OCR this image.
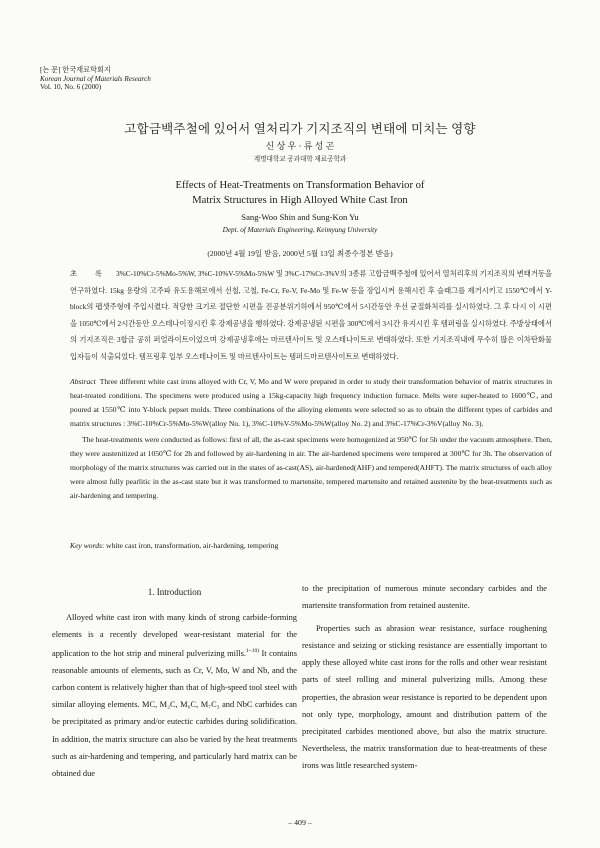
[논 문] 한국재료학회지
Korean Journal of Materials Research
Vol. 10, No. 6 (2000)
고합금백주철에 있어서 열처리가 기지조직의 변태에 미치는 영향
신 상 우 · 류 성 곤
계명대학교 공과대학 재료공학과
Effects of Heat-Treatments on Transformation Behavior of
Matrix Structures in High Alloyed White Cast Iron
Sang-Woo Shin and Sung-Kon Yu
Dept. of Materials Engineering, Keimyung University
(2000년 4월 19일 받음, 2000년 5월 13일 최종수정본 받음)
초 록 3%C-10%Cr-5%Mo-5%W, 3%C-10%V-5%Mo-5%W 및 3%C-17%Cr-3%V의 3종류 고합금백주철에 있어서 열처리후의 기지조직의 변태거동을 연구하였다. 15kg 용량의 고주파 유도용해로에서 선철, 고철, Fe-Cr, Fe-V, Fe-Mo 및 Fe-W 등을 장입시켜 용해시킨 후 슬래그를 제거시키고 1550℃에서 Y-block의 펩셋주형에 주입시켰다. 적당한 크기로 절단한 시편을 진공분위기하에서 950℃에서 5시간동안 우선 균질화처리를 실시하였다. 그 후 다시 이 시편을 1050℃에서 2시간동안 오스테나이징시킨 후 강제공냉을 행하였다. 강제공냉된 시편을 300℃에서 3시간 유지시킨 후 템퍼링을 실시하였다. 주방상태에서의 기지조직은 3합금 공히 퍼얼라이트이었으며 강제공냉후에는 마르텐사이트 및 오스테나이트로 변태하였다. 또한 기지조직내에 무수히 많은 이차탄화물 입자들이 석출되었다. 템프링후 일부 오스테나이트 및 마르텐사이트는 템퍼드마르텐사이트로 변태하였다.

Abstract Three different white cast irons alloyed with Cr, V, Mo and W were prepared in order to study their transformation behavior of matrix structures in heat-treated conditions. The specimens were produced using a 15kg-capacity high frequency induction furnace. Melts were super-heated to 1600℃, and poured at 1550℃ into Y-block pepset molds. Three combinations of the alloying elements were selected so as to obtain the different types of carbides and matrix structures : 3%C-10%Cr-5%Mo-5%W(alloy No. 1), 3%C-10%V-5%Mo-5%W(alloy No. 2) and 3%C-17%Cr-3%V(alloy No. 3).

The heat-treatments were conducted as follows: first of all, the as-cast specimens were homogenized at 950℃ for 5h under the vacuum atmosphere. Then, they were austenitized at 1050℃ for 2h and followed by air-hardening in air. The air-hardened specimens were tempered at 300℃ for 3h. The observation of morphology of the matrix structures was carried out in the states of as-cast(AS), air-hardened(AHF) and tempered(AHFT). The matrix structures of each alloy were almost fully pearlitic in the as-cast state but it was transformed to martensite, tempered martensite and retained austenite by the heat-treatments such as air-hardening and tempering.

Key words: white cast iron, transformation, air-hardening, tempering
1. Introduction

Alloyed white cast iron with many kinds of strong carbide-forming elements is a recently developed wear-resistant material for the application to the hot strip and mineral pulverizing mills.$^{1\sim 10)}$ It contains reasonable amounts of elements, such as Cr, V, Mo, W and Nb, and the carbon content is relatively higher than that of high-speed tool steel with similar alloying elements. MC, M₂C, M₆C, M₇C₃ and NbC carbides can be precipitated as primary and/or eutectic carbides during solidification. In addition, the matrix structure can also be varied by the heat treatments such as air-hardening and tempering, and particularly hard matrix can be obtained due

to the precipitation of numerous minute secondary carbides and the martensite transformation from retained austenite.

Properties such as abrasion wear resistance, surface roughening resistance and seizing or sticking resistance are essentially important to apply these alloyed white cast irons for the rolls and other wear resistant parts of steel rolling and mineral pulverizing mills. Among these properties, the abrasion wear resistance is reported to be dependent upon not only type, morphology, amount and distribution pattern of the precipitated carbides mentioned above, but also the matrix structure. Nevertheless, the matrix transformation due to heat-treatments of these irons was little researched system-

– 409 –
